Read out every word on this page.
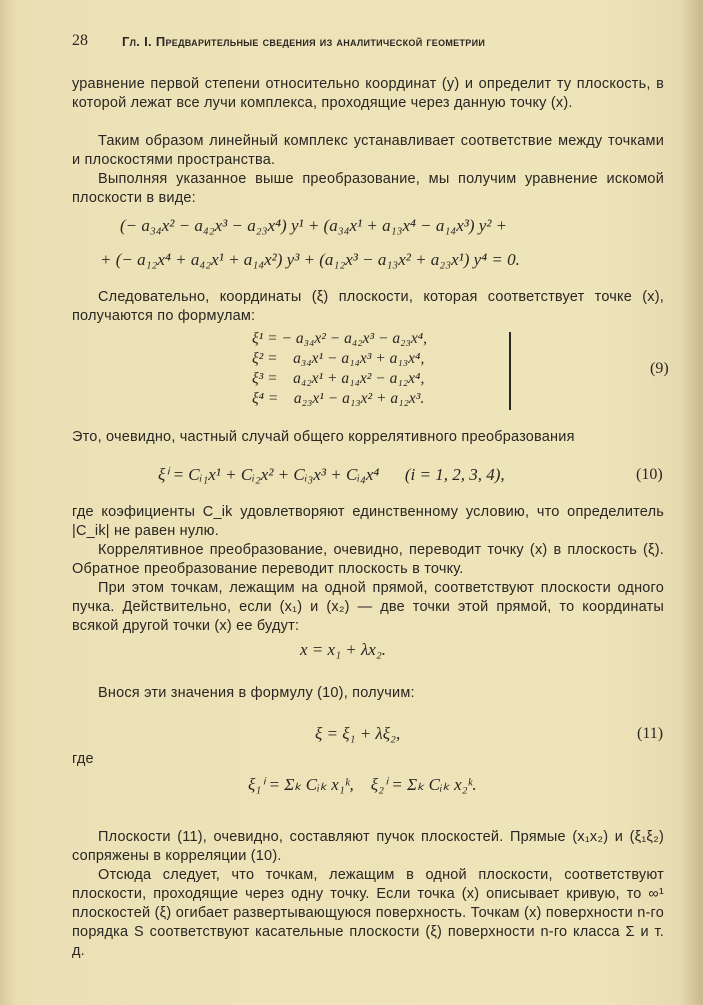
28	Гл. I. Предварительные сведения из аналитической геометрии
уравнение первой степени относительно координат (y) и определит ту плоскость, в которой лежат все лучи комплекса, проходящие через данную точку (x).
Таким образом линейный комплекс устанавливает соответствие между точками и плоскостями пространства.
Выполняя указанное выше преобразование, мы получим уравнение искомой плоскости в виде:
(− a₃₄x² − a₄₂x³ − a₂₃x⁴) y¹ + (a₃₄x¹ + a₁₃x⁴ − a₁₄x³) y² +
+ (− a₁₂x⁴ + a₄₂x¹ + a₁₄x²) y³ + (a₁₂x³ − a₁₃x² + a₂₃x¹) y⁴ = 0.
Следовательно, координаты (ξ) плоскости, которая соответствует точке (x), получаются по формулам:
ξ¹ = − a₃₄x² − a₄₂x³ − a₂₃x⁴,
ξ² =    a₃₄x¹ − a₁₄x³ + a₁₃x⁴,
ξ³ =    a₄₂x¹ + a₁₄x² − a₁₂x⁴,
ξ⁴ =    a₂₃x¹ − a₁₃x² + a₁₂x³.
(9)
Это, очевидно, частный случай общего коррелятивного преобразования
ξⁱ = Cᵢ₁x¹ + Cᵢ₂x² + Cᵢ₃x³ + Cᵢ₄x⁴      (i = 1, 2, 3, 4),	(10)
где коэфициенты C_ik удовлетворяют единственному условию, что определитель |C_ik| не равен нулю.
Коррелятивное преобразование, очевидно, переводит точку (x) в плоскость (ξ). Обратное преобразование переводит плоскость в точку.
При этом точкам, лежащим на одной прямой, соответствуют плоскости одного пучка. Действительно, если (x₁) и (x₂) — две точки этой прямой, то координаты всякой другой точки (x) ее будут:
x = x₁ + λx₂.
Внося эти значения в формулу (10), получим:
ξ = ξ₁ + λξ₂,	(11)
где
ξ₁ⁱ = Σₖ Cᵢₖ x₁ᵏ,    ξ₂ⁱ = Σₖ Cᵢₖ x₂ᵏ.
Плоскости (11), очевидно, составляют пучок плоскостей. Прямые (x₁x₂) и (ξ₁ξ₂) сопряжены в корреляции (10).
Отсюда следует, что точкам, лежащим в одной плоскости, соответствуют плоскости, проходящие через одну точку. Если точка (x) описывает кривую, то ∞¹ плоскостей (ξ) огибает развертывающуюся поверхность. Точкам (x) поверхности n-го порядка S соответствуют касательные плоскости (ξ) поверхности n-го класса Σ и т. д.
